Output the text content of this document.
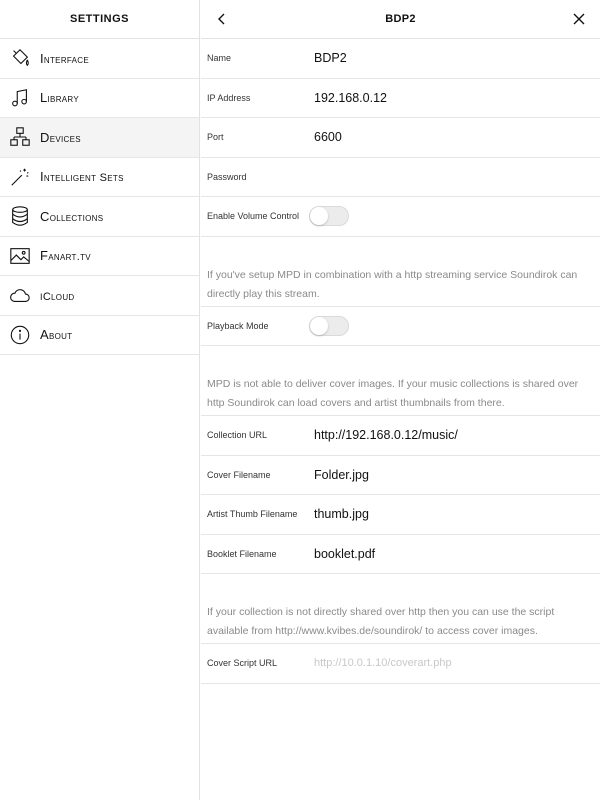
SETTINGS
Interface
Library
Devices
Intelligent Sets
Collections
Fanart.tv
iCloud
About
BDP2
Name	BDP2
IP Address	192.168.0.12
Port	6600
Password
Enable Volume Control

If you've setup MPD in combination with a http streaming service Soundirok can directly play this stream.

Playback Mode

MPD is not able to deliver cover images. If your music collections is shared over http Soundirok can load covers and artist thumbnails from there.

Collection URL	http://192.168.0.12/music/
Cover Filename	Folder.jpg
Artist Thumb Filename	thumb.jpg
Booklet Filename	booklet.pdf

If your collection is not directly shared over http then you can use the script available from http://www.kvibes.de/soundirok/ to access cover images.

Cover Script URL	http://10.0.1.10/coverart.php
